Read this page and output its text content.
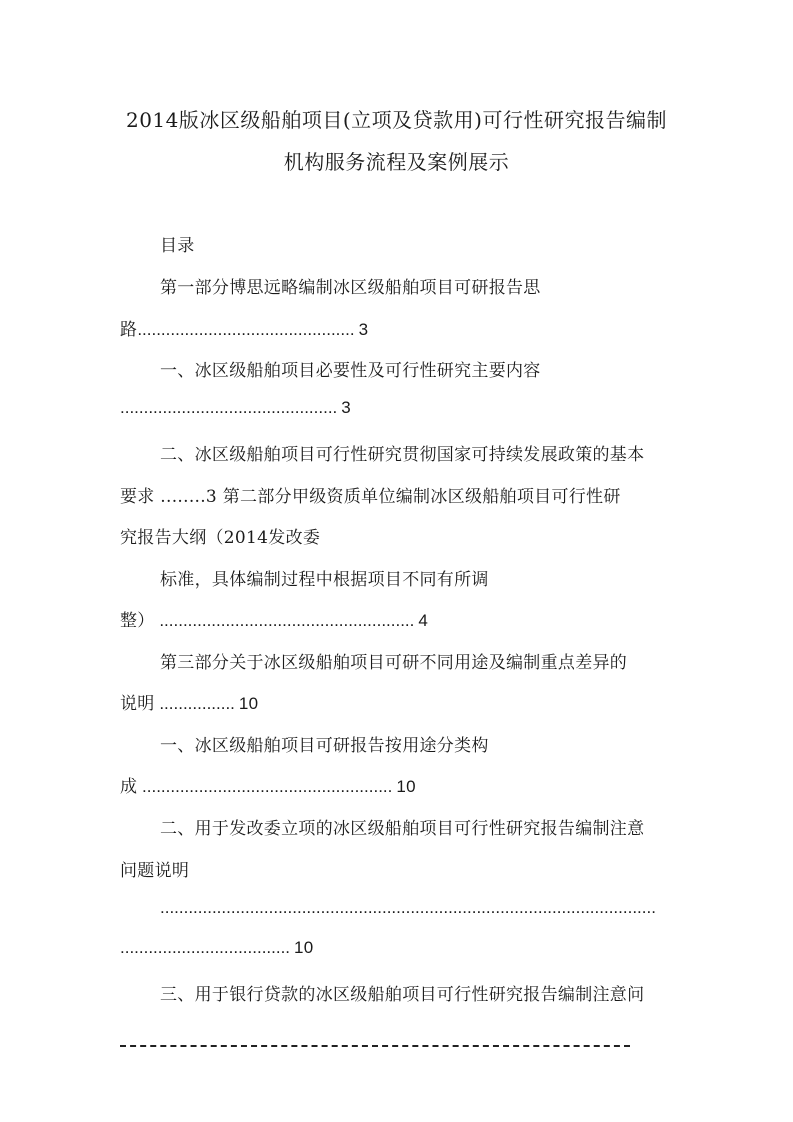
2014版冰区级船舶项目(立项及贷款用)可行性研究报告编制
机构服务流程及案例展示
目录
第一部分博思远略编制冰区级船舶项目可研报告思
路.............................................. 3
一、冰区级船舶项目必要性及可行性研究主要内容
.............................................. 3
二、冰区级船舶项目可行性研究贯彻国家可持续发展政策的基本
要求 ........3 第二部分甲级资质单位编制冰区级船舶项目可行性研
究报告大纲（2014发改委
标准，具体编制过程中根据项目不同有所调
整） ...................................................... 4
第三部分关于冰区级船舶项目可研不同用途及编制重点差异的
说明 ................ 10
一、冰区级船舶项目可研报告按用途分类构
成 ..................................................... 10
二、用于发改委立项的冰区级船舶项目可行性研究报告编制注意
问题说明
.........................................................................................................
.................................... 10
三、用于银行贷款的冰区级船舶项目可行性研究报告编制注意问
